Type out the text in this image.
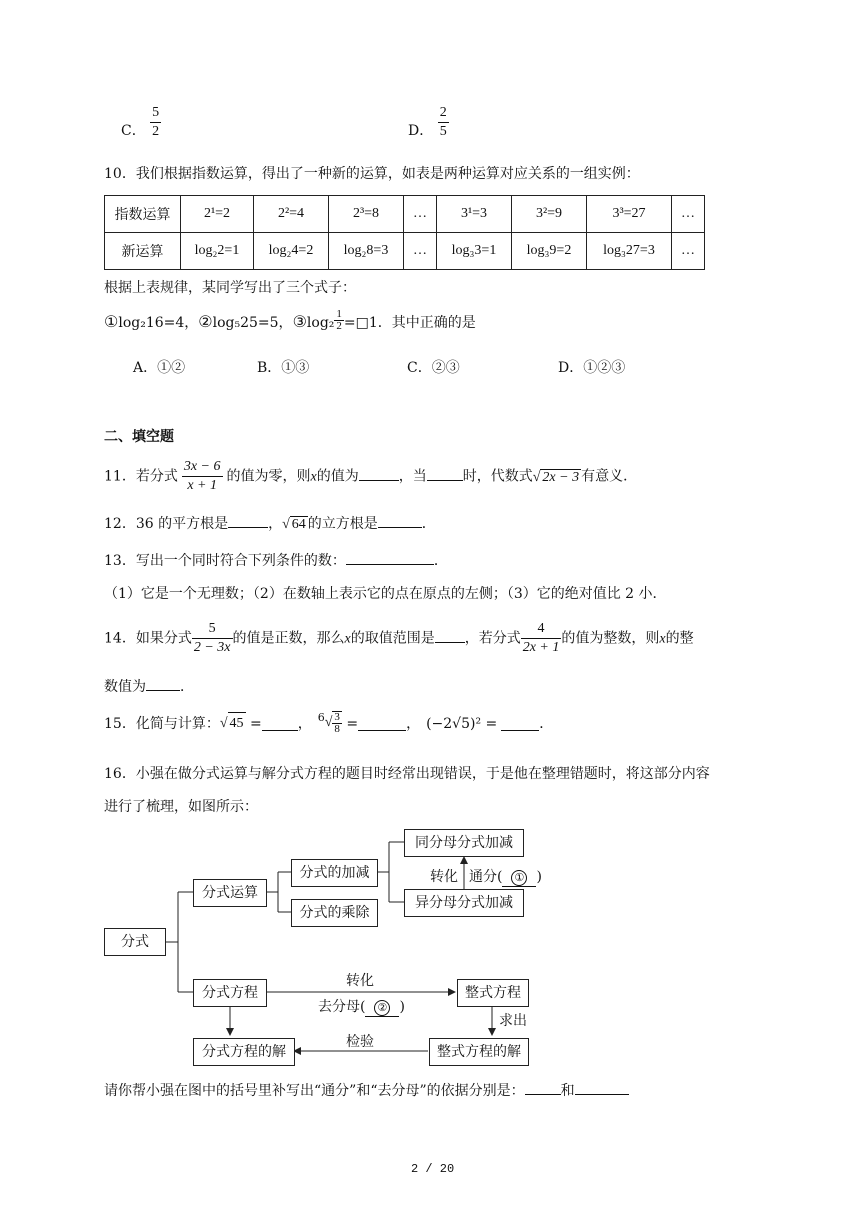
C． $\frac{5}{2}$	D． $\frac{2}{5}$
10．我们根据指数运算，得出了一种新的运算，如表是两种运算对应关系的一组实例：
指数运算	2¹=2	2²=4	2³=8	…	3¹=3	3²=9	3³=27	…
新运算	log₂2=1	log₂4=2	log₂8=3	…	log₃3=1	log₃9=2	log₃27=3	…
根据上表规律，某同学写出了三个式子：
①log₂16=4，②log₅25=5，③log₂ $\frac{1}{2}$ =□1．其中正确的是
A．①②	B．①③	C．②③	D．①②③
二、填空题
11．若分式 $\frac{3x - 6}{x + 1}$ 的值为零，则x的值为	，当	时，代数式√ 2x − 3 有意义．
12．36 的平方根是	，√ 64 的立方根是	．
13．写出一个同时符合下列条件的数：	．
（1）它是一个无理数；（2）在数轴上表示它的点在原点的左侧；（3）它的绝对值比 2 小．
14．如果分式 $\frac{5}{2 - 3x}$ 的值是正数，那么x的取值范围是 ，若分式 $\frac{4}{2x + 1}$ 的值为整数，则x的整
数值为 ．
15．化简与计算：√ 45 =	， $6√ \frac{3}{8}$ =	， (−2√5)² =	．
16．小强在做分式运算与解分式方程的题目时经常出现错误，于是他在整理错题时，将这部分内容
进行了梳理，如图所示：
分式
分式运算
分式的加减
分式的乘除
同分母分式加减
异分母分式加减
转化 通分( ① )
分式方程
转化
去分母( ② )
整式方程
求出
整式方程的解
检验
分式方程的解
请你帮小强在图中的括号里补写出“通分”和“去分母”的依据分别是：	和
2 / 20
